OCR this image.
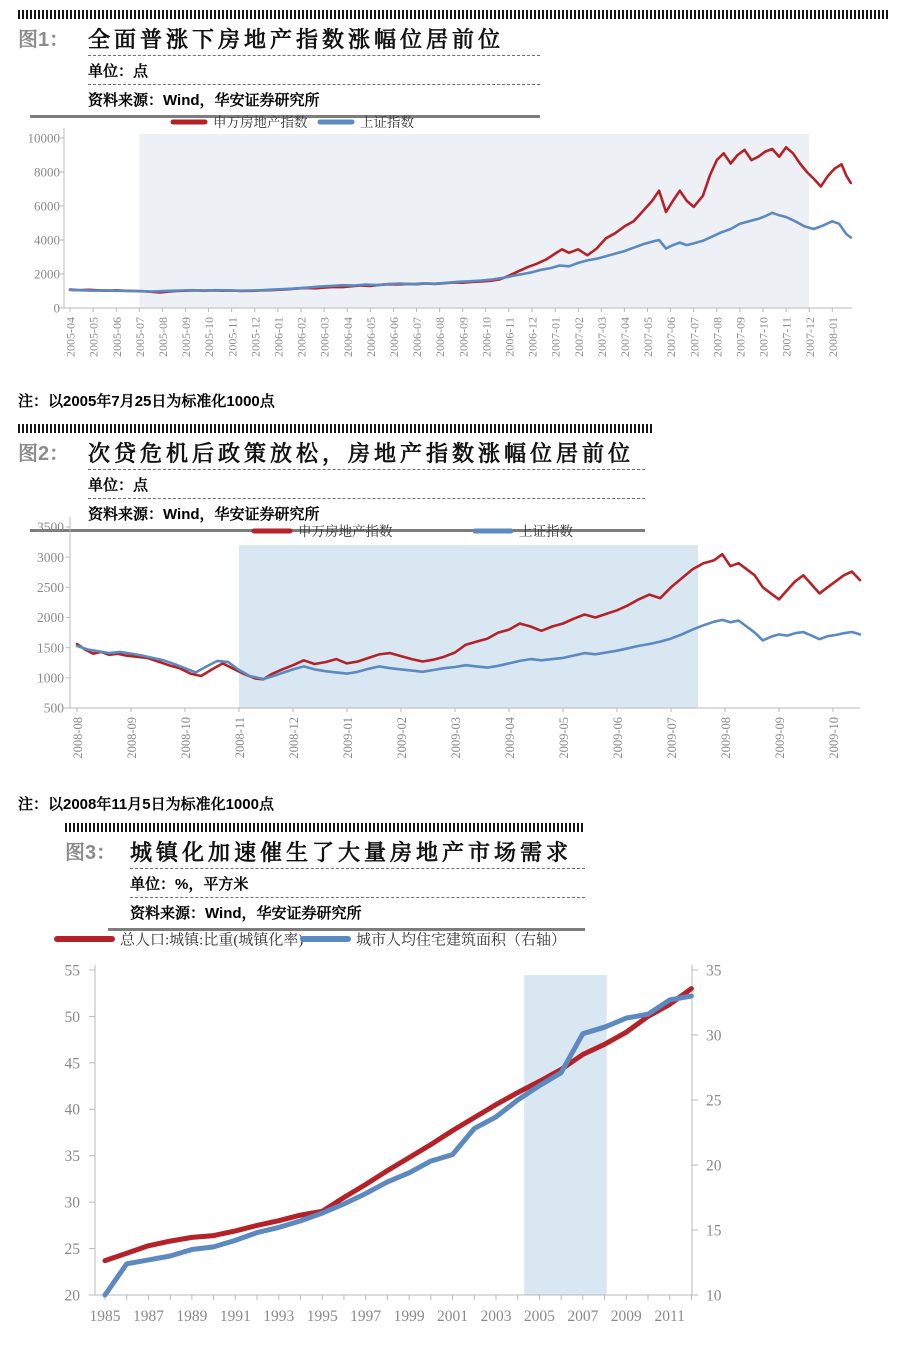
图1： 全面普涨下房地产指数涨幅位居前位
单位：点
资料来源：Wind，华安证券研究所
0
2000
4000
6000
8000
10000
2005-04 2005-05 2005-06 2005-07 2005-08 2005-09 2005-10 2005-11 2005-12 2006-01 2006-02 2006-03 2006-04 2006-05 2006-06 2006-07 2006-08 2006-09 2006-10 2006-11 2006-12 2007-01 2007-02 2007-03 2007-04 2007-05 2007-06 2007-07 2007-08 2007-09 2007-10 2007-11 2007-12 2008-01
申万房地产指数	上证指数
注：以2005年7月25日为标准化1000点
图2： 次贷危机后政策放松，房地产指数涨幅位居前位
单位：点
资料来源：Wind，华安证券研究所
500
1000
1500
2000
2500
3000
3500
2008-08	2008-09	2008-10	2008-11	2008-12	2009-01	2009-02	2009-03	2009-04	2009-05	2009-06	2009-07	2009-08	2009-09	2009-10
申万房地产指数	上证指数
注：以2008年11月5日为标准化1000点
图3： 城镇化加速催生了大量房地产市场需求
单位：%，平方米
资料来源：Wind，华安证券研究所
20
25
30
35
40
45
50
55
10
15
20
25
30
35
1985 1987 1989 1991 1993 1995 1997 1999 2001 2003 2005 2007 2009 2011
总人口:城镇:比重(城镇化率)	城市人均住宅建筑面积（右轴）
